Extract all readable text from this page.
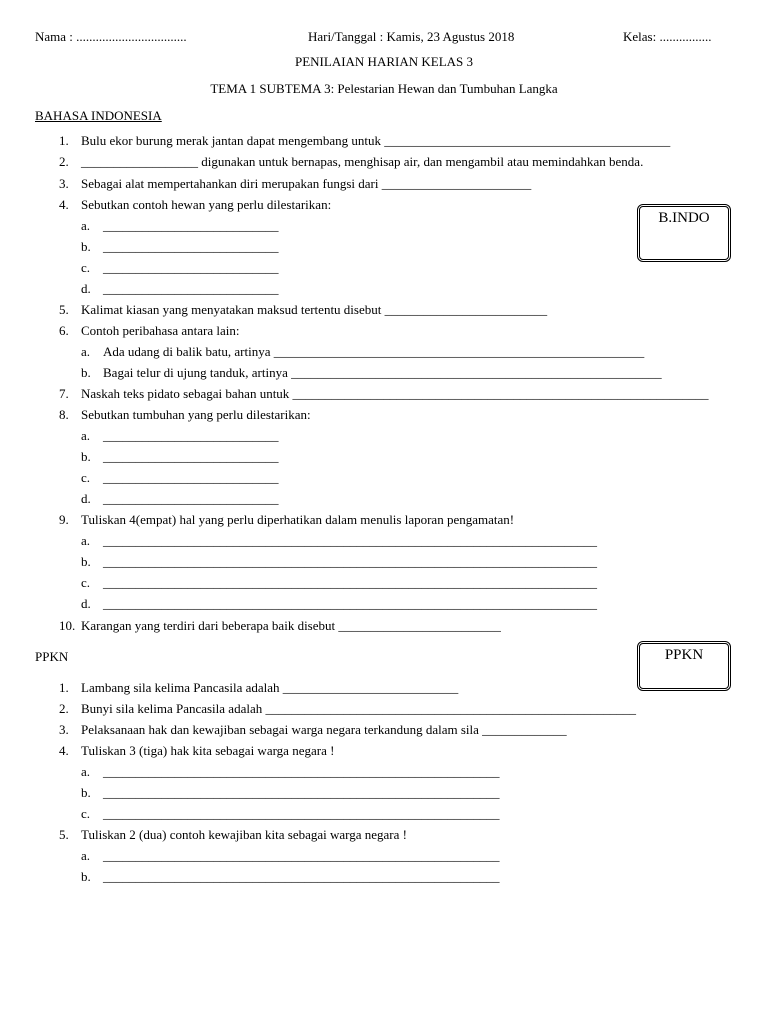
Nama : ..................................	Hari/Tanggal : Kamis, 23 Agustus 2018	Kelas: ................
PENILAIAN HARIAN KELAS 3
TEMA 1 SUBTEMA 3: Pelestarian Hewan dan Tumbuhan Langka
BAHASA INDONESIA
B.INDO
1. Bulu ekor burung merak jantan dapat mengembang untuk ____________________________________________
2. __________________ digunakan untuk bernapas, menghisap air, dan mengambil atau memindahkan benda.
3. Sebagai alat mempertahankan diri merupakan fungsi dari _______________________
4. Sebutkan contoh hewan yang perlu dilestarikan:
a. ___________________________
b. ___________________________
c. ___________________________
d. ___________________________
5. Kalimat kiasan yang menyatakan maksud tertentu disebut _________________________
6. Contoh peribahasa antara lain:
a. Ada udang di balik batu, artinya _________________________________________________________
b. Bagai telur di ujung tanduk, artinya _________________________________________________________
7. Naskah teks pidato sebagai bahan untuk ________________________________________________________________
8. Sebutkan tumbuhan yang perlu dilestarikan:
a. ___________________________
b. ___________________________
c. ___________________________
d. ___________________________
9. Tuliskan 4(empat) hal yang perlu diperhatikan dalam menulis laporan pengamatan!
a. ____________________________________________________________________________
b. ____________________________________________________________________________
c. ____________________________________________________________________________
d. ____________________________________________________________________________
10. Karangan yang terdiri dari beberapa baik disebut _________________________
PPKN	PPKN
1. Lambang sila kelima Pancasila adalah ___________________________
2. Bunyi sila kelima Pancasila adalah _________________________________________________________
3. Pelaksanaan hak dan kewajiban sebagai warga negara terkandung dalam sila _____________
4. Tuliskan 3 (tiga) hak kita sebagai warga negara !
a. _____________________________________________________________
b. _____________________________________________________________
c. _____________________________________________________________
5. Tuliskan 2 (dua) contoh kewajiban kita sebagai warga negara !
a. _____________________________________________________________
b. _____________________________________________________________
